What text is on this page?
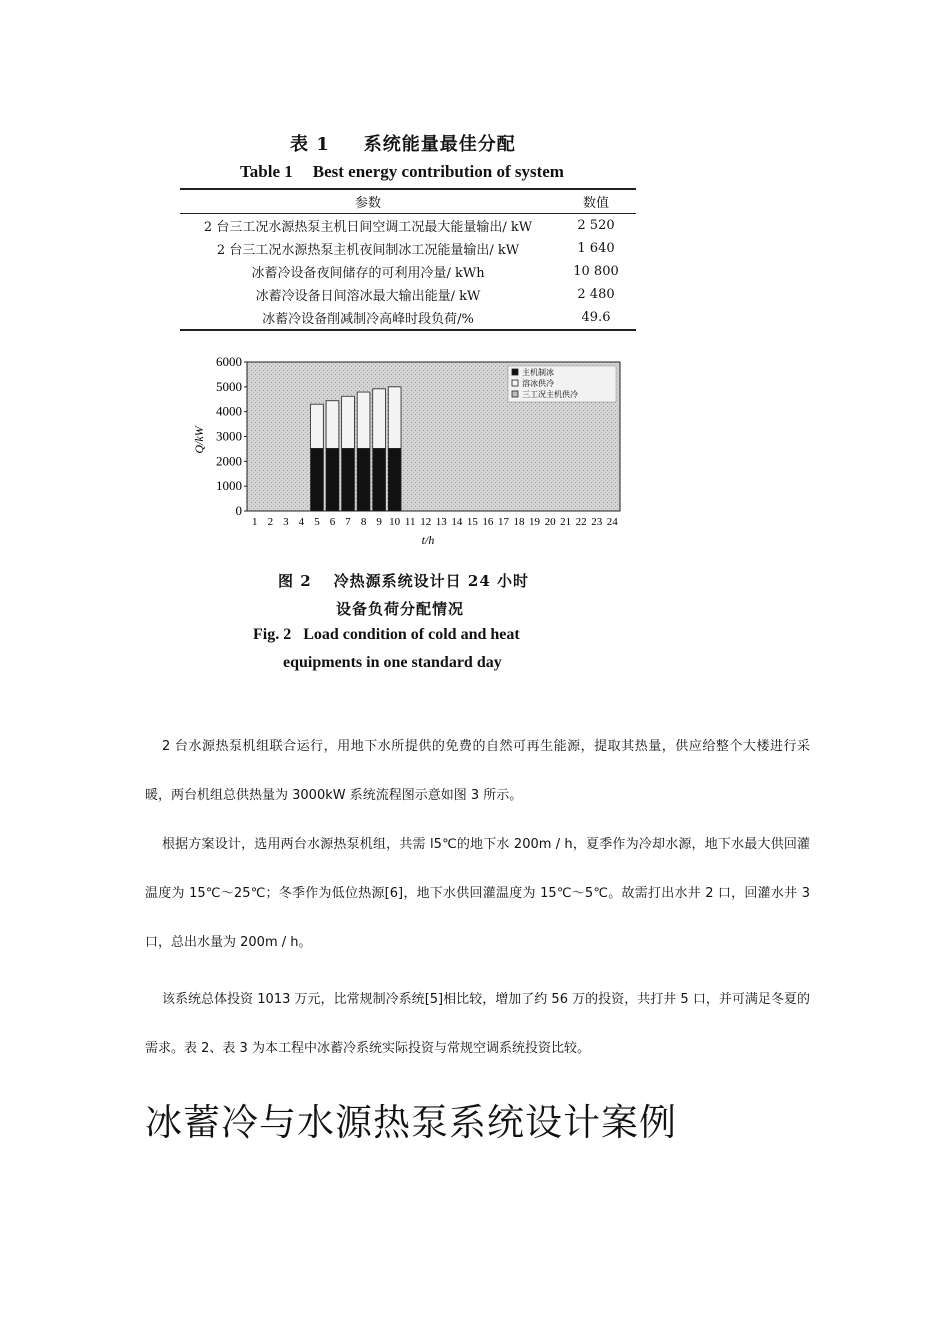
表 1 系统能量最佳分配
Table 1 Best energy contribution of system
参数	数值
2 台三工况水源热泵主机日间空调工况最大能量输出/ kW	2 520
2 台三工况水源热泵主机夜间制冰工况能量输出/ kW	1 640
冰蓄冷设备夜间储存的可利用冷量/ kWh	10 800
冰蓄冷设备日间溶冰最大输出能量/ kW	2 480
冰蓄冷设备削减制冷高峰时段负荷/%	49.6
0
1000
2000
3000
4000
5000
6000
1 2 3 4 5 6 7 8 9 10 11 12 13 14 15 16 17 18 19 20 21 22 23 24
Q/kW
t/h
主机制冰
溶冰供冷
三工况主机供冷
图 2 冷热源系统设计日 24 小时
设备负荷分配情况
Fig. 2 Load condition of cold and heat
equipments in one standard day

2 台水源热泵机组联合运行，用地下水所提供的免费的自然可再生能源，提取其热量，供应给整个大楼进行采暖，两台机组总供热量为 3000kW 系统流程图示意如图 3 所示。

根据方案设计，选用两台水源热泵机组，共需 l5℃的地下水 200m / h，夏季作为冷却水源，地下水最大供回灌温度为 15℃～25℃；冬季作为低位热源[6]，地下水供回灌温度为 15℃～5℃。故需打出水井 2 口，回灌水井 3 口，总出水量为 200m / h。

该系统总体投资 1013 万元，比常规制冷系统[5]相比较，增加了约 56 万的投资，共打井 5 口，并可满足冬夏的需求。表 2、表 3 为本工程中冰蓄冷系统实际投资与常规空调系统投资比较。

冰蓄冷与水源热泵系统设计案例
